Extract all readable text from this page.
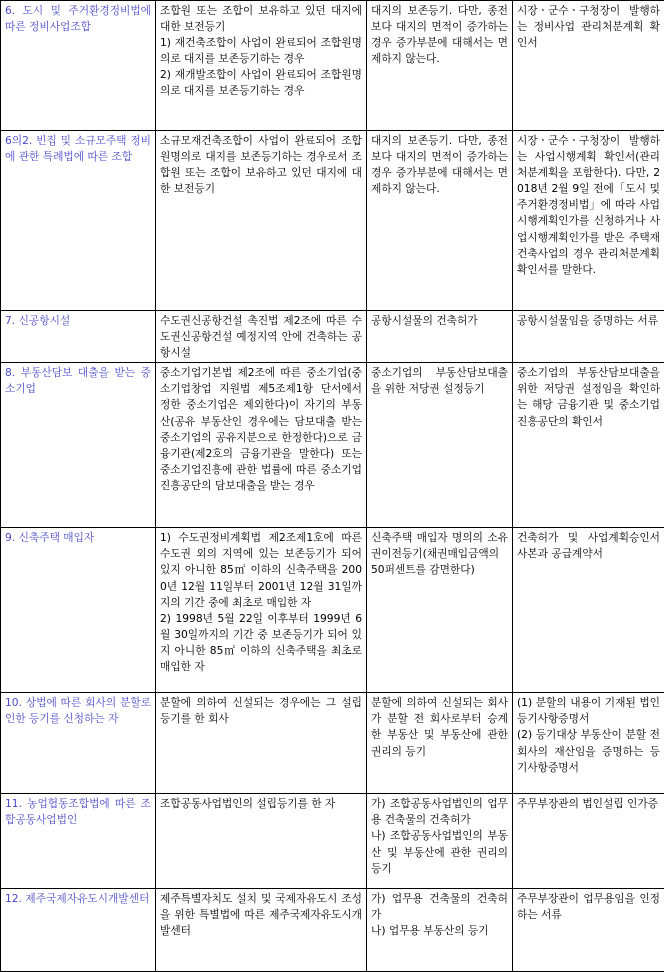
6. 도시 및 주거환경정비법에 따른 정비사업조합	조합원 또는 조합이 보유하고 있던 대지에 대한 보전등기
1) 재건축조합이 사업이 완료되어 조합원명의로 대지를 보존등기하는 경우
2) 재개발조합이 사업이 완료되어 조합원명의로 대지를 보존등기하는 경우	대지의 보존등기. 다만, 종전보다 대지의 면적이 증가하는 경우 증가부분에 대해서는 면제하지 않는다.	시장ㆍ군수ㆍ구청장이 발행하는 정비사업 관리처분계획 확인서

6의2. 빈집 및 소규모주택 정비에 관한 특례법에 따른 조합	소규모재건축조합이 사업이 완료되어 조합원명의로 대지를 보존등기하는 경우로서 조합원 또는 조합이 보유하고 있던 대지에 대한 보전등기	대지의 보존등기. 다만, 종전보다 대지의 면적이 증가하는 경우 증가부분에 대해서는 면제하지 않는다.	시장ㆍ군수ㆍ구청장이 발행하는 사업시행계획 확인서(관리처분계획을 포함한다). 다만, 2018년 2월 9일 전에「도시 및 주거환경정비법」에 따라 사업시행계획인가를 신청하거나 사업시행계획인가를 받은 주택재건축사업의 경우 관리처분계획 확인서를 말한다.

7. 신공항시설	수도권신공항건설 촉진법 제2조에 따른 수도권신공항건설 예정지역 안에 건축하는 공항시설	공항시설물의 건축허가	공항시설물임을 증명하는 서류

8. 부동산담보 대출을 받는 중소기업	중소기업기본법 제2조에 따른 중소기업(중소기업창업 지원법 제5조제1항 단서에서 정한 중소기업은 제외한다)이 자기의 부동산(공유 부동산인 경우에는 담보대출 받는 중소기업의 공유지분으로 한정한다)으로 금융기관(제2호의 금융기관을 말한다) 또는 중소기업진흥에 관한 법률에 따른 중소기업진흥공단의 담보대출을 받는 경우	중소기업의 부동산담보대출을 위한 저당권 설정등기	중소기업의 부동산담보대출을 위한 저당권 설정임을 확인하는 해당 금융기관 및 중소기업진흥공단의 확인서

9. 신축주택 매입자	1) 수도권정비계획법 제2조제1호에 따른 수도권 외의 지역에 있는 보존등기가 되어 있지 아니한 85㎡ 이하의 신축주택을 2000년 12월 11일부터 2001년 12월 31일까지의 기간 중에 최초로 매입한 자
2) 1998년 5월 22일 이후부터 1999년 6월 30일까지의 기간 중 보존등기가 되어 있지 아니한 85㎡ 이하의 신축주택을 최초로 매입한 자	신축주택 매입자 명의의 소유권이전등기(채권매입금액의 50퍼센트를 감면한다)	건축허가 및 사업계획승인서 사본과 공급계약서

10. 상법에 따른 회사의 분할로 인한 등기를 신청하는 자	분할에 의하여 신설되는 경우에는 그 설립등기를 한 회사	분할에 의하여 신설되는 회사가 분할 전 회사로부터 승계한 부동산 및 부동산에 관한 권리의 등기	(1) 분할의 내용이 기재된 법인 등기사항증명서
(2) 등기대상 부동산이 분할 전 회사의 재산임을 증명하는 등기사항증명서

11. 농업협동조합법에 따른 조합공동사업법인	조합공동사업법인의 설립등기를 한 자	가) 조합공동사업법인의 업무용 건축물의 건축허가
나) 조합공동사업법인의 부동산 및 부동산에 관한 권리의 등기	주무부장관의 법인설립 인가증

12. 제주국제자유도시개발센터	제주특별자치도 설치 및 국제자유도시 조성을 위한 특별법에 따른 제주국제자유도시개발센터	가) 업무용 건축물의 건축허가
나) 업무용 부동산의 등기	주무부장관이 업무용임을 인정하는 서류
